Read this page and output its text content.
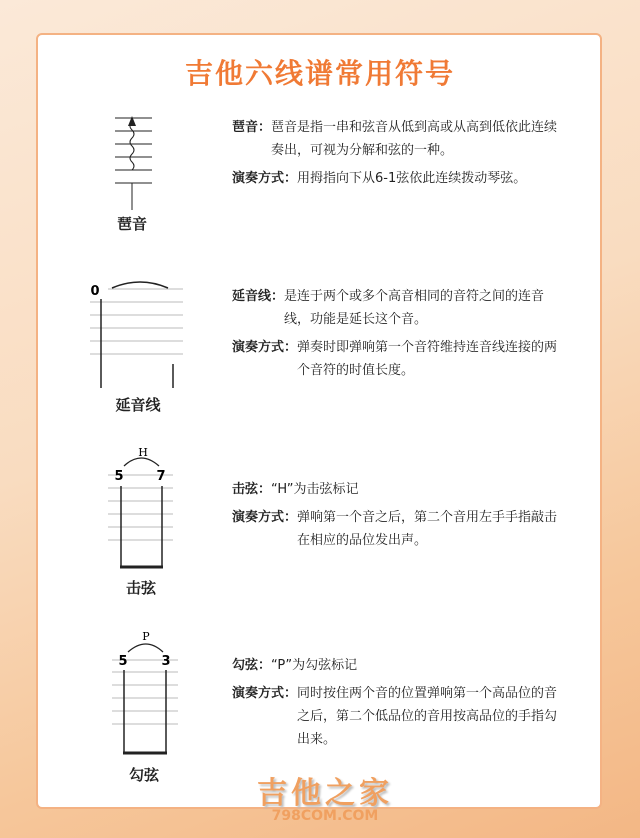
吉他六线谱常用符号
0
H
5	7
P
5	3
琶音
延音线
击弦
勾弦
琶音： 琶音是指一串和弦音从低到高或从高到低依此连续奏出，可视为分解和弦的一种。
演奏方式： 用拇指向下从6-1弦依此连续拨动琴弦。
延音线： 是连于两个或多个高音相同的音符之间的连音线，功能是延长这个音。
演奏方式： 弹奏时即弹响第一个音符维持连音线连接的两个音符的时值长度。
击弦： “H”为击弦标记
演奏方式： 弹响第一个音之后，第二个音用左手手指敲击在相应的品位发出声。
勾弦： “P”为勾弦标记
演奏方式： 同时按住两个音的位置弹响第一个高品位的音之后，第二个低品位的音用按高品位的手指勾出来。
吉他之家
798COM.COM
